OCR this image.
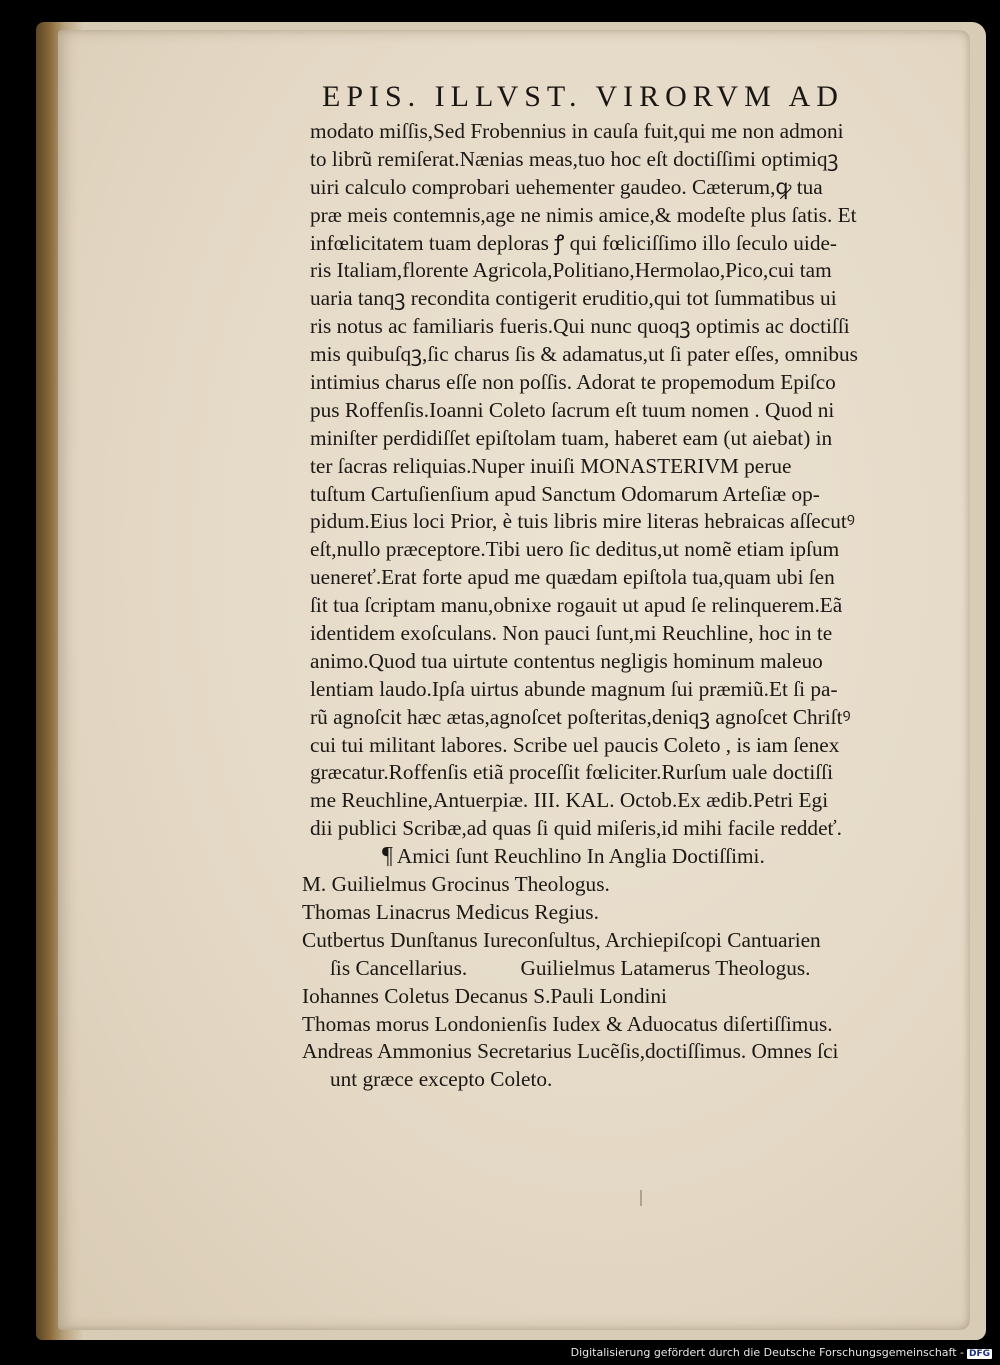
EPIS. ILLVST. VIRORVM AD
modato miſſis,Sed Frobennius in cauſa fuit,qui me non admoni
to librũ remiſerat.Nænias meas,tuo hoc eſt doctiſſimi optimiqꝫ
uiri calculo comprobari uehementer gaudeo. Cæterum,ꝙ tua
præ meis contemnis,age ne nimis amice,& modeſte plus ſatis. Et
infœlicitatem tuam deploras ꝭ qui fœliciſſimo illo ſeculo uide-
ris Italiam,florente Agricola,Politiano,Hermolao,Pico,cui tam
uaria tanqꝫ recondita contigerit eruditio,qui tot ſummatibus ui
ris notus ac familiaris fueris.Qui nunc quoqꝫ optimis ac doctiſſi
mis quibuſqꝫ,ſic charus ſis & adamatus,ut ſi pater eſſes, omnibus
intimius charus eſſe non poſſis. Adorat te propemodum Epiſco
pus Roffenſis.Ioanni Coleto ſacrum eſt tuum nomen . Quod ni
miniſter perdidiſſet epiſtolam tuam, haberet eam (ut aiebat) in
ter ſacras reliquias.Nuper inuiſi MONASTERIVM perue
tuſtum Cartuſienſium apud Sanctum Odomarum Arteſiæ op-
pidum.Eius loci Prior, è tuis libris mire literas hebraicas aſſecutꝰ
eſt,nullo præceptore.Tibi uero ſic deditus,ut nomẽ etiam ipſum
uenereť.Erat forte apud me quædam epiſtola tua,quam ubi ſen
ſit tua ſcriptam manu,obnixe rogauit ut apud ſe relinquerem.Eã
identidem exoſculans. Non pauci ſunt,mi Reuchline, hoc in te
animo.Quod tua uirtute contentus negligis hominum maleuo
lentiam laudo.Ipſa uirtus abunde magnum ſui præmiũ.Et ſi pa-
rũ agnoſcit hæc ætas,agnoſcet poſteritas,deniqꝫ agnoſcet Chriſtꝰ
cui tui militant labores. Scribe uel paucis Coleto , is iam ſenex
græcatur.Roffenſis etiã proceſſit fœliciter.Rurſum uale doctiſſi
me Reuchline,Antuerpiæ. III. KAL. Octob.Ex ædib.Petri Egi
dii publici Scribæ,ad quas ſi quid miſeris,id mihi facile reddeť.
¶ Amici ſunt Reuchlino In Anglia Doctiſſimi.
M. Guilielmus Grocinus Theologus.
Thomas Linacrus Medicus Regius.
Cutbertus Dunſtanus Iureconſultus, Archiepiſcopi Cantuarien
ſis Cancellarius.          Guilielmus Latamerus Theologus.
Iohannes Coletus Decanus S.Pauli Londini
Thomas morus Londonienſis Iudex & Aduocatus diſertiſſimus.
Andreas Ammonius Secretarius Lucẽſis,doctiſſimus. Omnes ſci
unt græce excepto Coleto.
Digitalisierung gefördert durch die Deutsche Forschungsgemeinschaft - DFG
